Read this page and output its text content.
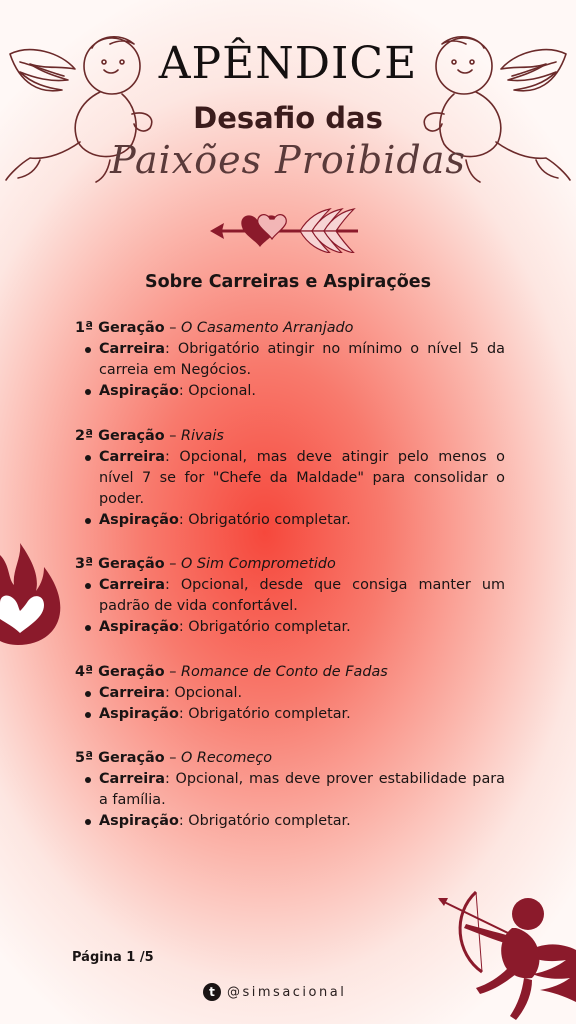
APÊNDICE
Desafio das
Paixões Proibidas
Sobre Carreiras e Aspirações
1ª Geração – O Casamento Arranjado
Carreira: Obrigatório atingir no mínimo o nível 5 da carreia em Negócios.
Aspiração: Opcional.
2ª Geração – Rivais
Carreira: Opcional, mas deve atingir pelo menos o nível 7 se for "Chefe da Maldade" para consolidar o poder.
Aspiração: Obrigatório completar.
3ª Geração – O Sim Comprometido
Carreira: Opcional, desde que consiga manter um padrão de vida confortável.
Aspiração: Obrigatório completar.
4ª Geração – Romance de Conto de Fadas
Carreira: Opcional.
Aspiração: Obrigatório completar.
5ª Geração – O Recomeço
Carreira: Opcional, mas deve prover estabilidade para a família.
Aspiração: Obrigatório completar.
Página 1 /5
t @simsacional
